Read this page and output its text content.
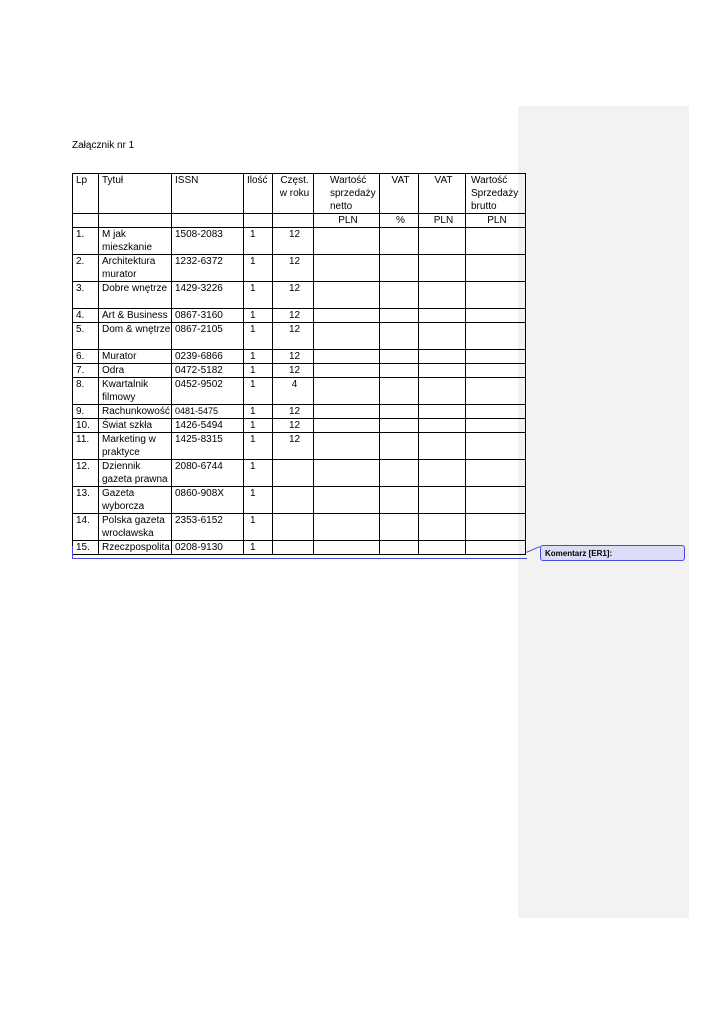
Załącznik nr 1
Lp	Tytuł	ISSN	Ilość	Częst. w roku	Wartość sprzedaży netto	VAT	VAT	Wartość Sprzedaży brutto
					PLN	%	PLN	PLN
1.	M jak mieszkanie	1508-2083	1	12				
2.	Architektura murator	1232-6372	1	12				
3.	Dobre wnętrze	1429-3226	1	12				
4.	Art & Business	0867-3160	1	12				
5.	Dom & wnętrze	0867-2105	1	12				
6.	Murator	0239-6866	1	12				
7.	Odra	0472-5182	1	12				
8.	Kwartalnik filmowy	0452-9502	1	4				
9.	Rachunkowość	0481-5475	1	12				
10.	Świat szkła	1426-5494	1	12				
11.	Marketing w praktyce	1425-8315	1	12				
12.	Dziennik gazeta prawna	2080-6744	1					
13.	Gazeta wyborcza	0860-908X	1					
14.	Polska gazeta wrocławska	2353-6152	1					
15.	Rzeczpospolita	0208-9130	1					
Komentarz [ER1]:
